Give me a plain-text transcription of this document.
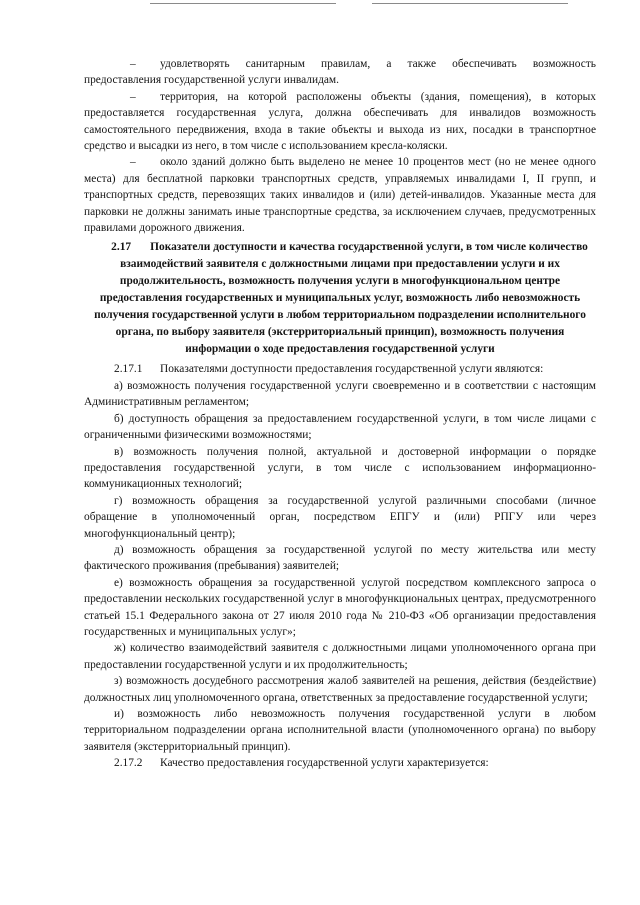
– удовлетворять санитарным правилам, а также обеспечивать возможность предоставления государственной услуги инвалидам.

– территория, на которой расположены объекты (здания, помещения), в которых предоставляется государственная услуга, должна обеспечивать для инвалидов возможность самостоятельного передвижения, входа в такие объекты и выхода из них, посадки в транспортное средство и высадки из него, в том числе с использованием кресла-коляски.

– около зданий должно быть выделено не менее 10 процентов мест (но не менее одного места) для бесплатной парковки транспортных средств, управляемых инвалидами I, II групп, и транспортных средств, перевозящих таких инвалидов и (или) детей-инвалидов. Указанные места для парковки не должны занимать иные транспортные средства, за исключением случаев, предусмотренных правилами дорожного движения.

2.17 Показатели доступности и качества государственной услуги, в том числе количество взаимодействий заявителя с должностными лицами при предоставлении услуги и их продолжительность, возможность получения услуги в многофункциональном центре предоставления государственных и муниципальных услуг, возможность либо невозможность получения государственной услуги в любом территориальном подразделении исполнительного органа, по выбору заявителя (экстерриториальный принцип), возможность получения информации о ходе предоставления государственной услуги

2.17.1 Показателями доступности предоставления государственной услуги являются:

а) возможность получения государственной услуги своевременно и в соответствии с настоящим Административным регламентом;

б) доступность обращения за предоставлением государственной услуги, в том числе лицами с ограниченными физическими возможностями;

в) возможность получения полной, актуальной и достоверной информации о порядке предоставления государственной услуги, в том числе с использованием информационно-коммуникационных технологий;

г) возможность обращения за государственной услугой различными способами (личное обращение в уполномоченный орган, посредством ЕПГУ и (или) РПГУ или через многофункциональный центр);

д) возможность обращения за государственной услугой по месту жительства или месту фактического проживания (пребывания) заявителей;

е) возможность обращения за государственной услугой посредством комплексного запроса о предоставлении нескольких государственной услуг в многофункциональных центрах, предусмотренного статьей 15.1 Федерального закона от 27 июля 2010 года № 210-ФЗ «Об организации предоставления государственных и муниципальных услуг»;

ж) количество взаимодействий заявителя с должностными лицами уполномоченного органа при предоставлении государственной услуги и их продолжительность;

з) возможность досудебного рассмотрения жалоб заявителей на решения, действия (бездействие) должностных лиц уполномоченного органа, ответственных за предоставление государственной услуги;

и) возможность либо невозможность получения государственной услуги в любом территориальном подразделении органа исполнительной власти (уполномоченного органа) по выбору заявителя (экстерриториальный принцип).

2.17.2 Качество предоставления государственной услуги характеризуется:
